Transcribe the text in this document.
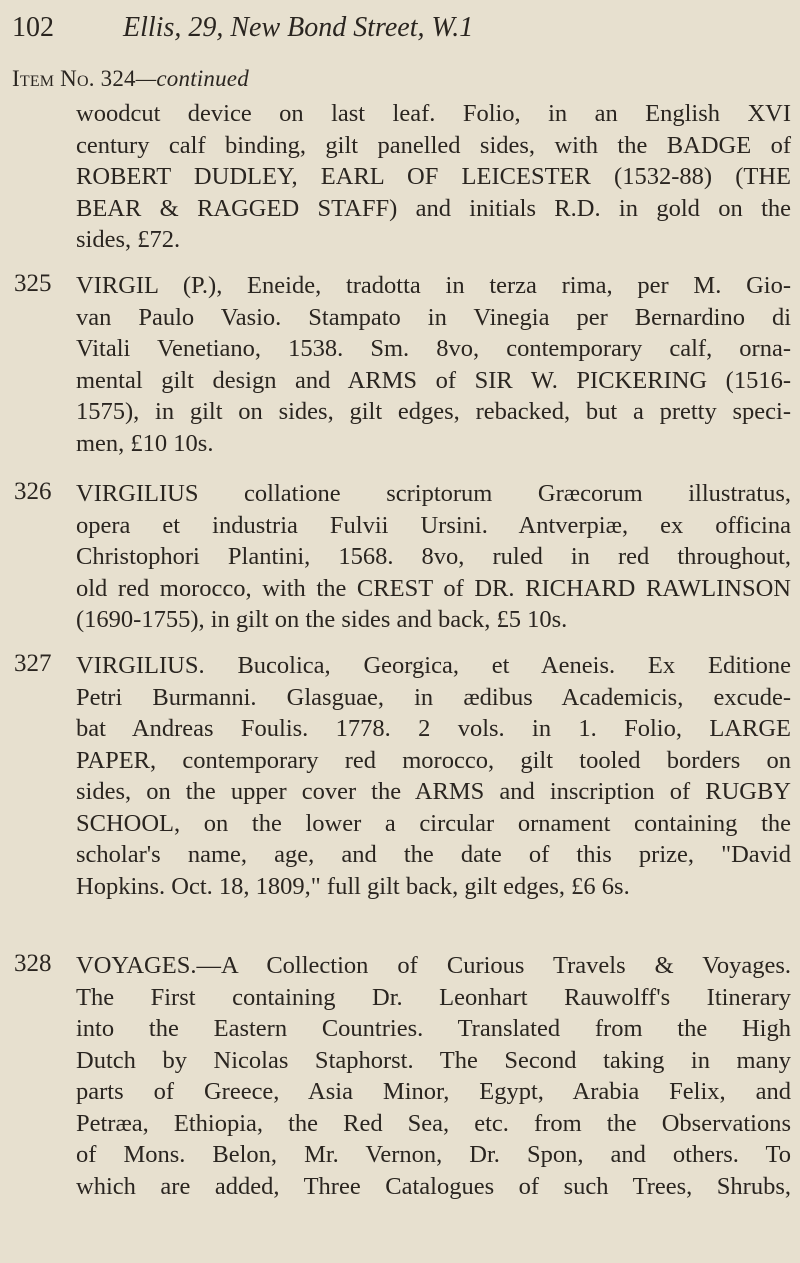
102 Ellis, 29, New Bond Street, W.1
Item No. 324—continued
woodcut device on last leaf. Folio, in an English XVI
century calf binding, gilt panelled sides, with the BADGE of
ROBERT DUDLEY, EARL OF LEICESTER (1532-88) (THE
BEAR & RAGGED STAFF) and initials R.D. in gold on the
sides, £72.
325 VIRGIL (P.), Eneide, tradotta in terza rima, per M. Gio-
van Paulo Vasio. Stampato in Vinegia per Bernardino di
Vitali Venetiano, 1538. Sm. 8vo, contemporary calf, orna-
mental gilt design and ARMS of SIR W. PICKERING (1516-
1575), in gilt on sides, gilt edges, rebacked, but a pretty speci-
men, £10 10s.
326 VIRGILIUS collatione scriptorum Græcorum illustratus,
opera et industria Fulvii Ursini. Antverpiæ, ex officina
Christophori Plantini, 1568. 8vo, ruled in red throughout,
old red morocco, with the CREST of DR. RICHARD RAWLINSON
(1690-1755), in gilt on the sides and back, £5 10s.
327 VIRGILIUS. Bucolica, Georgica, et Aeneis. Ex Editione
Petri Burmanni. Glasguae, in ædibus Academicis, excude-
bat Andreas Foulis. 1778. 2 vols. in 1. Folio, LARGE
PAPER, contemporary red morocco, gilt tooled borders on
sides, on the upper cover the ARMS and inscription of RUGBY
SCHOOL, on the lower a circular ornament containing the
scholar's name, age, and the date of this prize, "David
Hopkins. Oct. 18, 1809," full gilt back, gilt edges, £6 6s.
328 VOYAGES.—A Collection of Curious Travels & Voyages.
The First containing Dr. Leonhart Rauwolff's Itinerary
into the Eastern Countries. Translated from the High
Dutch by Nicolas Staphorst. The Second taking in many
parts of Greece, Asia Minor, Egypt, Arabia Felix, and
Petræa, Ethiopia, the Red Sea, etc. from the Observations
of Mons. Belon, Mr. Vernon, Dr. Spon, and others. To
which are added, Three Catalogues of such Trees, Shrubs,
